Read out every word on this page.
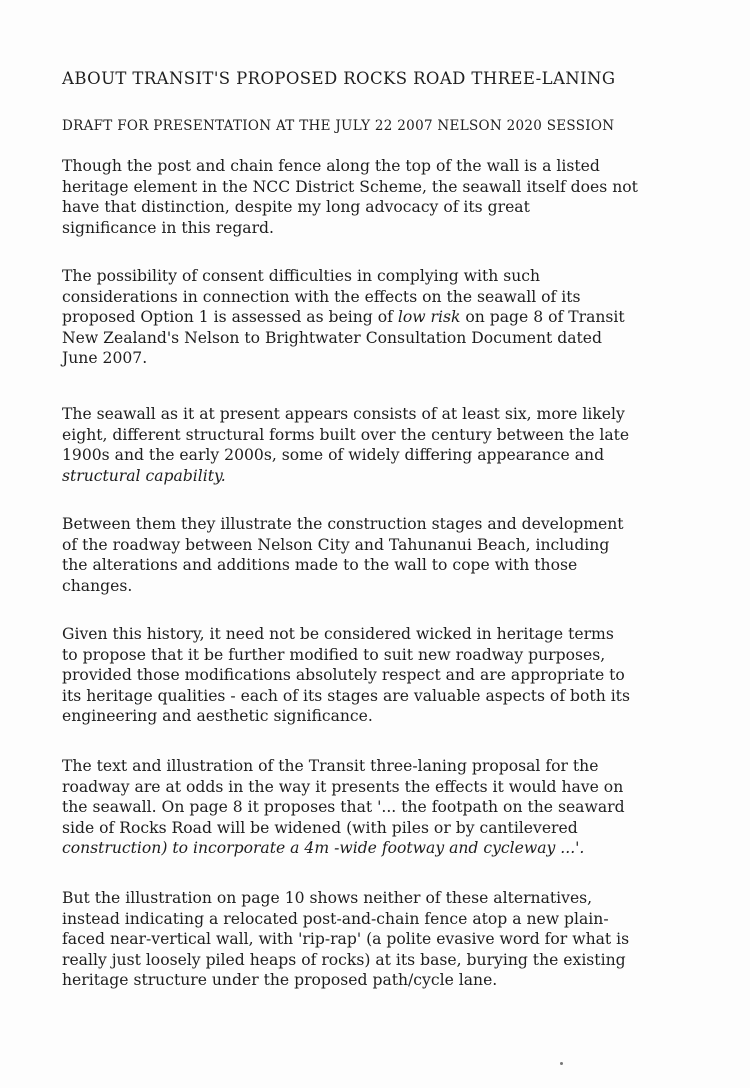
ABOUT TRANSIT'S PROPOSED ROCKS ROAD THREE-LANING
DRAFT FOR PRESENTATION AT THE JULY 22 2007 NELSON 2020 SESSION

Though the post and chain fence along the top of the wall is a listed
heritage element in the NCC District Scheme, the seawall itself does not
have that distinction, despite my long advocacy of its great
significance in this regard.

The possibility of consent difficulties in complying with such
considerations in connection with the effects on the seawall of its
proposed Option 1 is assessed as being of low risk on page 8 of Transit
New Zealand's Nelson to Brightwater Consultation Document dated
June 2007.

The seawall as it at present appears consists of at least six, more likely
eight, different structural forms built over the century between the late
1900s and the early 2000s, some of widely differing appearance and
structural capability.

Between them they illustrate the construction stages and development
of the roadway between Nelson City and Tahunanui Beach, including
the alterations and additions made to the wall to cope with those
changes.

Given this history, it need not be considered wicked in heritage terms
to propose that it be further modified to suit new roadway purposes,
provided those modifications absolutely respect and are appropriate to
its heritage qualities - each of its stages are valuable aspects of both its
engineering and aesthetic significance.

The text and illustration of the Transit three-laning proposal for the
roadway are at odds in the way it presents the effects it would have on
the seawall. On page 8 it proposes that '... the footpath on the seaward
side of Rocks Road will be widened (with piles or by cantilevered
construction) to incorporate a 4m -wide footway and cycleway ...'.

But the illustration on page 10 shows neither of these alternatives,
instead indicating a relocated post-and-chain fence atop a new plain-
faced near-vertical wall, with 'rip-rap' (a polite evasive word for what is
really just loosely piled heaps of rocks) at its base, burying the existing
heritage structure under the proposed path/cycle lane.
